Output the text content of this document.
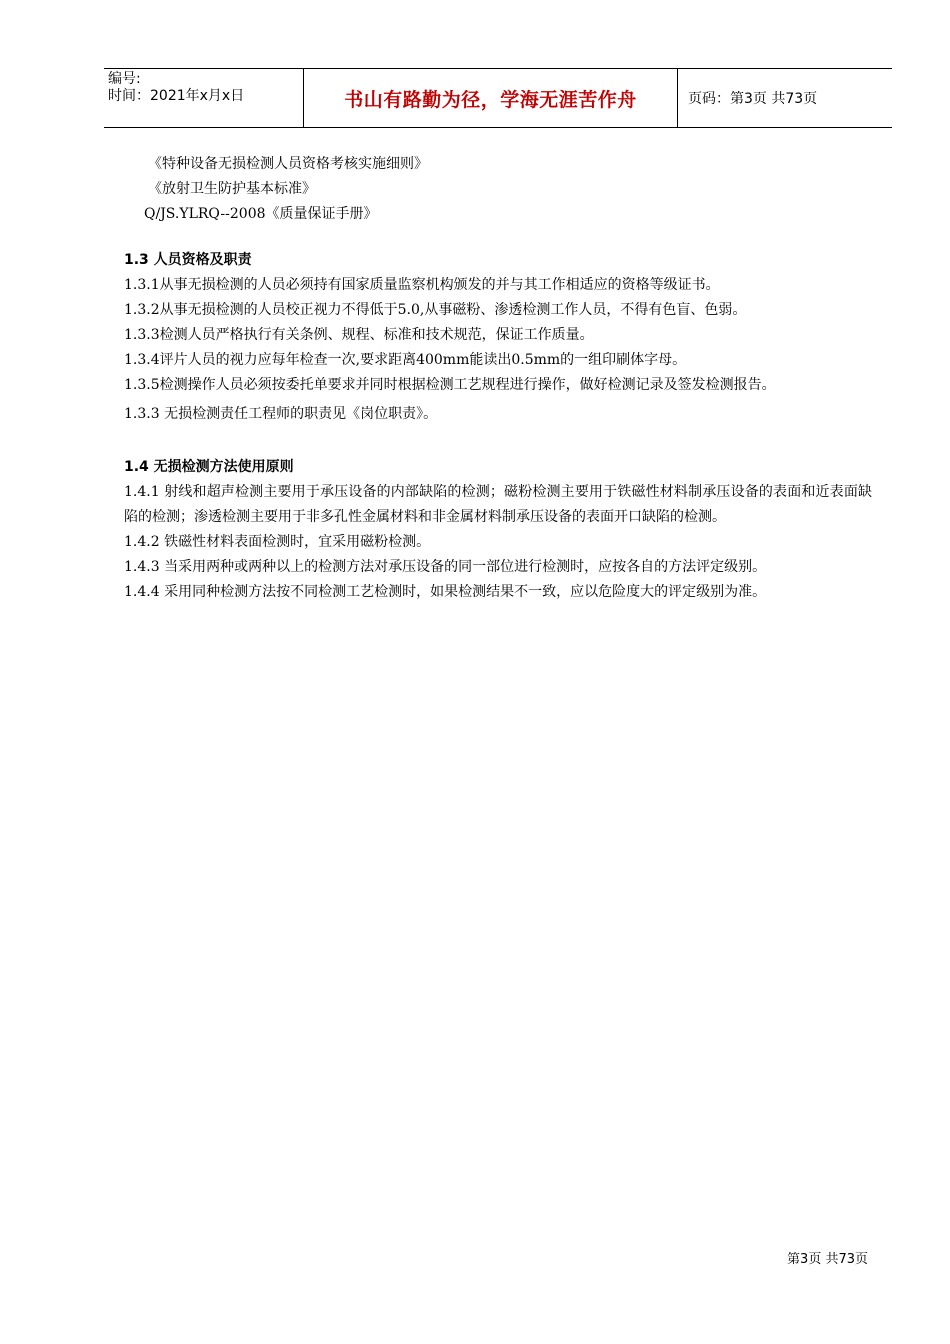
编号:
时间：2021年x月x日	书山有路勤为径，学海无涯苦作舟	页码：第3页 共73页

《特种设备无损检测人员资格考核实施细则》

《放射卫生防护基本标准》

Q/JS.YLRQ--2008《质量保证手册》

1.3 人员资格及职责

1.3.1从事无损检测的人员必须持有国家质量监察机构颁发的并与其工作相适应的资格等级证书。

1.3.2从事无损检测的人员校正视力不得低于5.0,从事磁粉、渗透检测工作人员，不得有色盲、色弱。

1.3.3检测人员严格执行有关条例、规程、标准和技术规范，保证工作质量。

1.3.4评片人员的视力应每年检查一次,要求距离400mm能读出0.5mm的一组印刷体字母。

1.3.5检测操作人员必须按委托单要求并同时根据检测工艺规程进行操作，做好检测记录及签发检测报告。

1.3.3 无损检测责任工程师的职责见《岗位职责》。

1.4 无损检测方法使用原则

1.4.1 射线和超声检测主要用于承压设备的内部缺陷的检测；磁粉检测主要用于铁磁性材料制承压设备的表面和近表面缺陷的检测；渗透检测主要用于非多孔性金属材料和非金属材料制承压设备的表面开口缺陷的检测。

1.4.2 铁磁性材料表面检测时，宜采用磁粉检测。

1.4.3 当采用两种或两种以上的检测方法对承压设备的同一部位进行检测时，应按各自的方法评定级别。

1.4.4 采用同种检测方法按不同检测工艺检测时，如果检测结果不一致，应以危险度大的评定级别为准。

第3页 共73页
